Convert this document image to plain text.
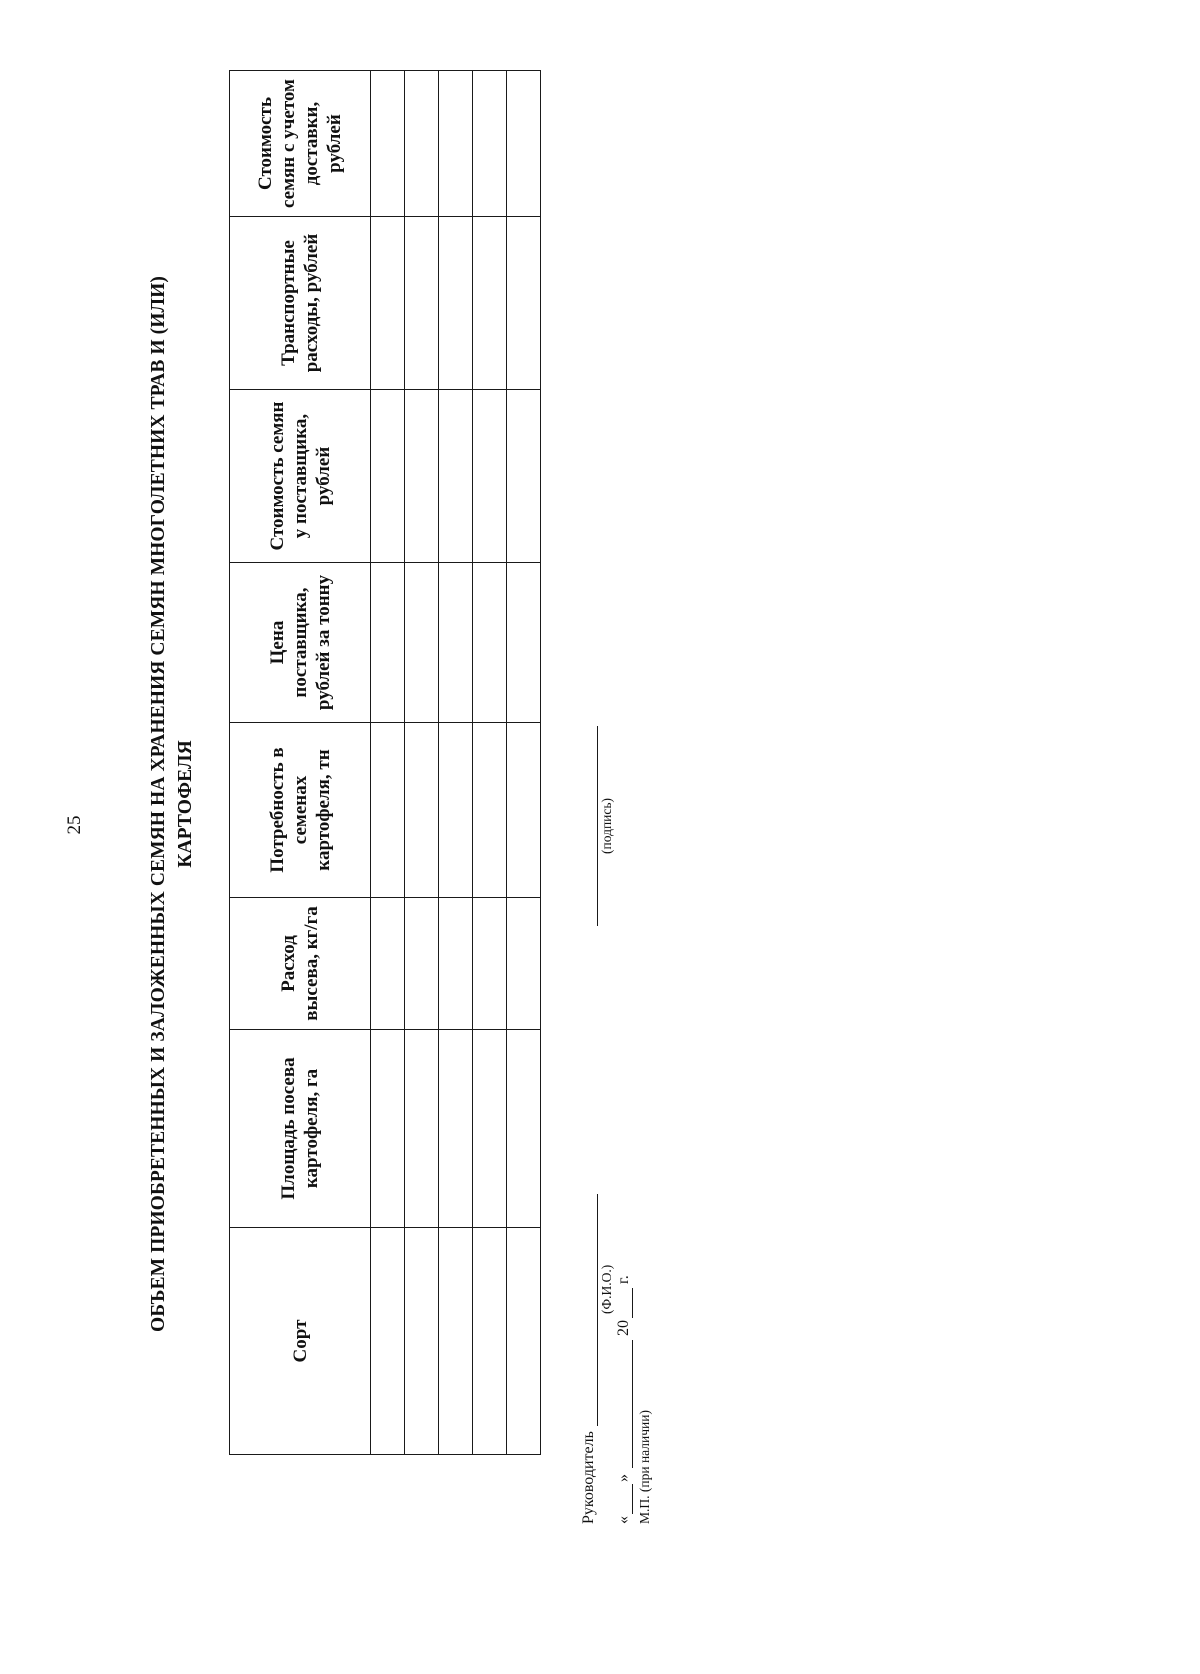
25	ОБЪЕМ ПРИОБРЕТЕННЫХ И ЗАЛОЖЕННЫХ СЕМЯН НА ХРАНЕНИЯ СЕМЯН МНОГОЛЕТНИХ ТРАВ И (ИЛИ) КАРТОФЕЛЯ
Сорт	Площадь посева картофеля, га	Расход высева, кг/га	Потребность в семенах картофеля, тн	Цена поставщика, рублей за тонну	Стоимость семян у поставщика, рублей	Транспортные расходы, рублей	Стоимость семян с учетом доставки, рублей

Руководитель
(Ф.И.О.)
(подпись)
«
»
20
г.
М.П. (при наличии)
